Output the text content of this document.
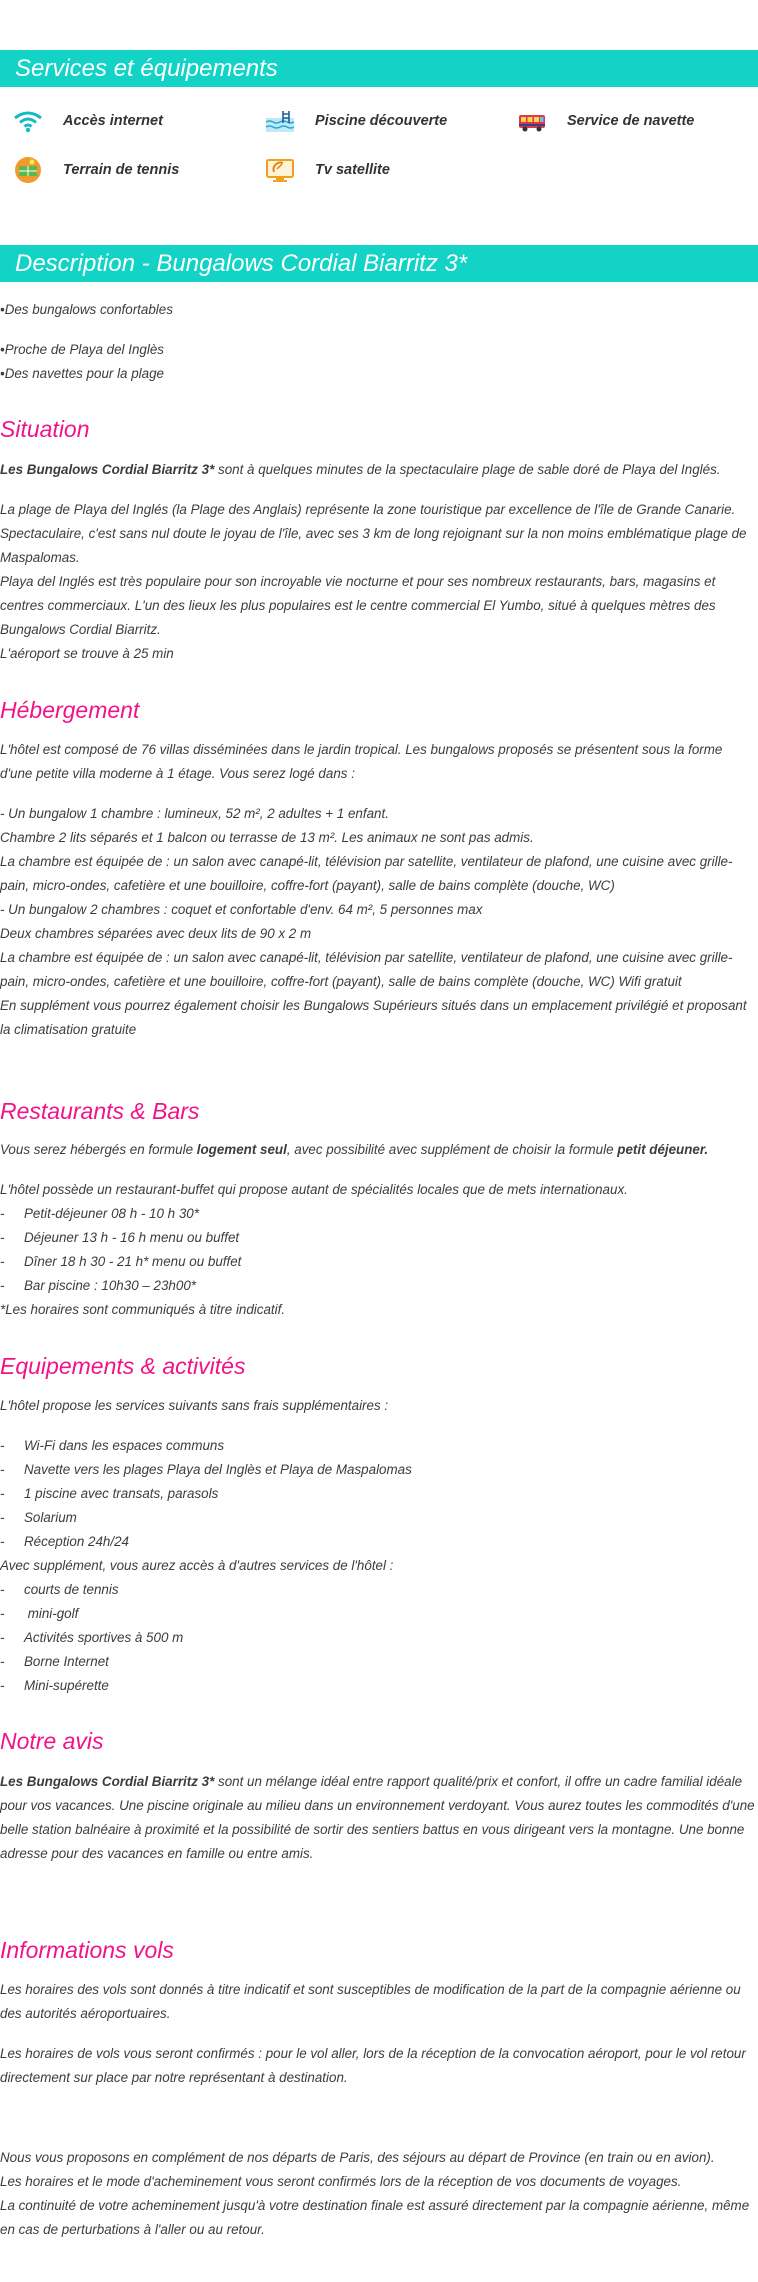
Services et équipements
Accès internet	Piscine découverte	Service de navette
Terrain de tennis	Tv satellite
Description - Bungalows Cordial Biarritz 3*
•Des bungalows confortables
•Proche de Playa del Inglès
•Des navettes pour la plage
Situation
Les Bungalows Cordial Biarritz 3* sont à quelques minutes de la spectaculaire plage de sable doré de Playa del Inglés.

La plage de Playa del Inglés (la Plage des Anglais) représente la zone touristique par excellence de l'île de Grande Canarie. Spectaculaire, c'est sans nul doute le joyau de l'île, avec ses 3 km de long rejoignant sur la non moins emblématique plage de Maspalomas.

Playa del Inglés est très populaire pour son incroyable vie nocturne et pour ses nombreux restaurants, bars, magasins et centres commerciaux. L'un des lieux les plus populaires est le centre commercial El Yumbo, situé à quelques mètres des Bungalows Cordial Biarritz.

L'aéroport se trouve à 25 min

Hébergement
L'hôtel est composé de 76 villas disséminées dans le jardin tropical. Les bungalows proposés se présentent sous la forme d'une petite villa moderne à 1 étage. Vous serez logé dans :

- Un bungalow 1 chambre : lumineux, 52 m², 2 adultes + 1 enfant.

Chambre 2 lits séparés et 1 balcon ou terrasse de 13 m². Les animaux ne sont pas admis.

La chambre est équipée de : un salon avec canapé-lit, télévision par satellite, ventilateur de plafond, une cuisine avec grille-pain, micro-ondes, cafetière et une bouilloire, coffre-fort (payant), salle de bains complète (douche, WC)

- Un bungalow 2 chambres : coquet et confortable d'env. 64 m², 5 personnes max

Deux chambres séparées avec deux lits de 90 x 2 m

La chambre est équipée de : un salon avec canapé-lit, télévision par satellite, ventilateur de plafond, une cuisine avec grille-pain, micro-ondes, cafetière et une bouilloire, coffre-fort (payant), salle de bains complète (douche, WC) Wifi gratuit

En supplément vous pourrez également choisir les Bungalows Supérieurs situés dans un emplacement privilégié et proposant la climatisation gratuite

Restaurants & Bars
Vous serez hébergés en formule logement seul, avec possibilité avec supplément de choisir la formule petit déjeuner.

L'hôtel possède un restaurant-buffet qui propose autant de spécialités locales que de mets internationaux.

- Petit-déjeuner 08 h - 10 h 30*

- Déjeuner 13 h - 16 h menu ou buffet

- Dîner 18 h 30 - 21 h* menu ou buffet

- Bar piscine : 10h30 – 23h00*

*Les horaires sont communiqués à titre indicatif.

Equipements & activités
L'hôtel propose les services suivants sans frais supplémentaires :

- Wi-Fi dans les espaces communs

- Navette vers les plages Playa del Inglès et Playa de Maspalomas

- 1 piscine avec transats, parasols

- Solarium

- Réception 24h/24

Avec supplément, vous aurez accès à d'autres services de l'hôtel :

- courts de tennis

- mini-golf

- Activités sportives à 500 m

- Borne Internet

- Mini-supérette

Notre avis
Les Bungalows Cordial Biarritz 3* sont un mélange idéal entre rapport qualité/prix et confort, il offre un cadre familial idéale pour vos vacances. Une piscine originale au milieu dans un environnement verdoyant. Vous aurez toutes les commodités d'une belle station balnéaire à proximité et la possibilité de sortir des sentiers battus en vous dirigeant vers la montagne. Une bonne adresse pour des vacances en famille ou entre amis.
Informations vols
Les horaires des vols sont donnés à titre indicatif et sont susceptibles de modification de la part de la compagnie aérienne ou des autorités aéroportuaires.
Les horaires de vols vous seront confirmés : pour le vol aller, lors de la réception de la convocation aéroport, pour le vol retour directement sur place par notre représentant à destination.

Nous vous proposons en complément de nos départs de Paris, des séjours au départ de Province (en train ou en avion).

Les horaires et le mode d'acheminement vous seront confirmés lors de la réception de vos documents de voyages.

La continuité de votre acheminement jusqu'à votre destination finale est assuré directement par la compagnie aérienne, même en cas de perturbations à l'aller ou au retour.
